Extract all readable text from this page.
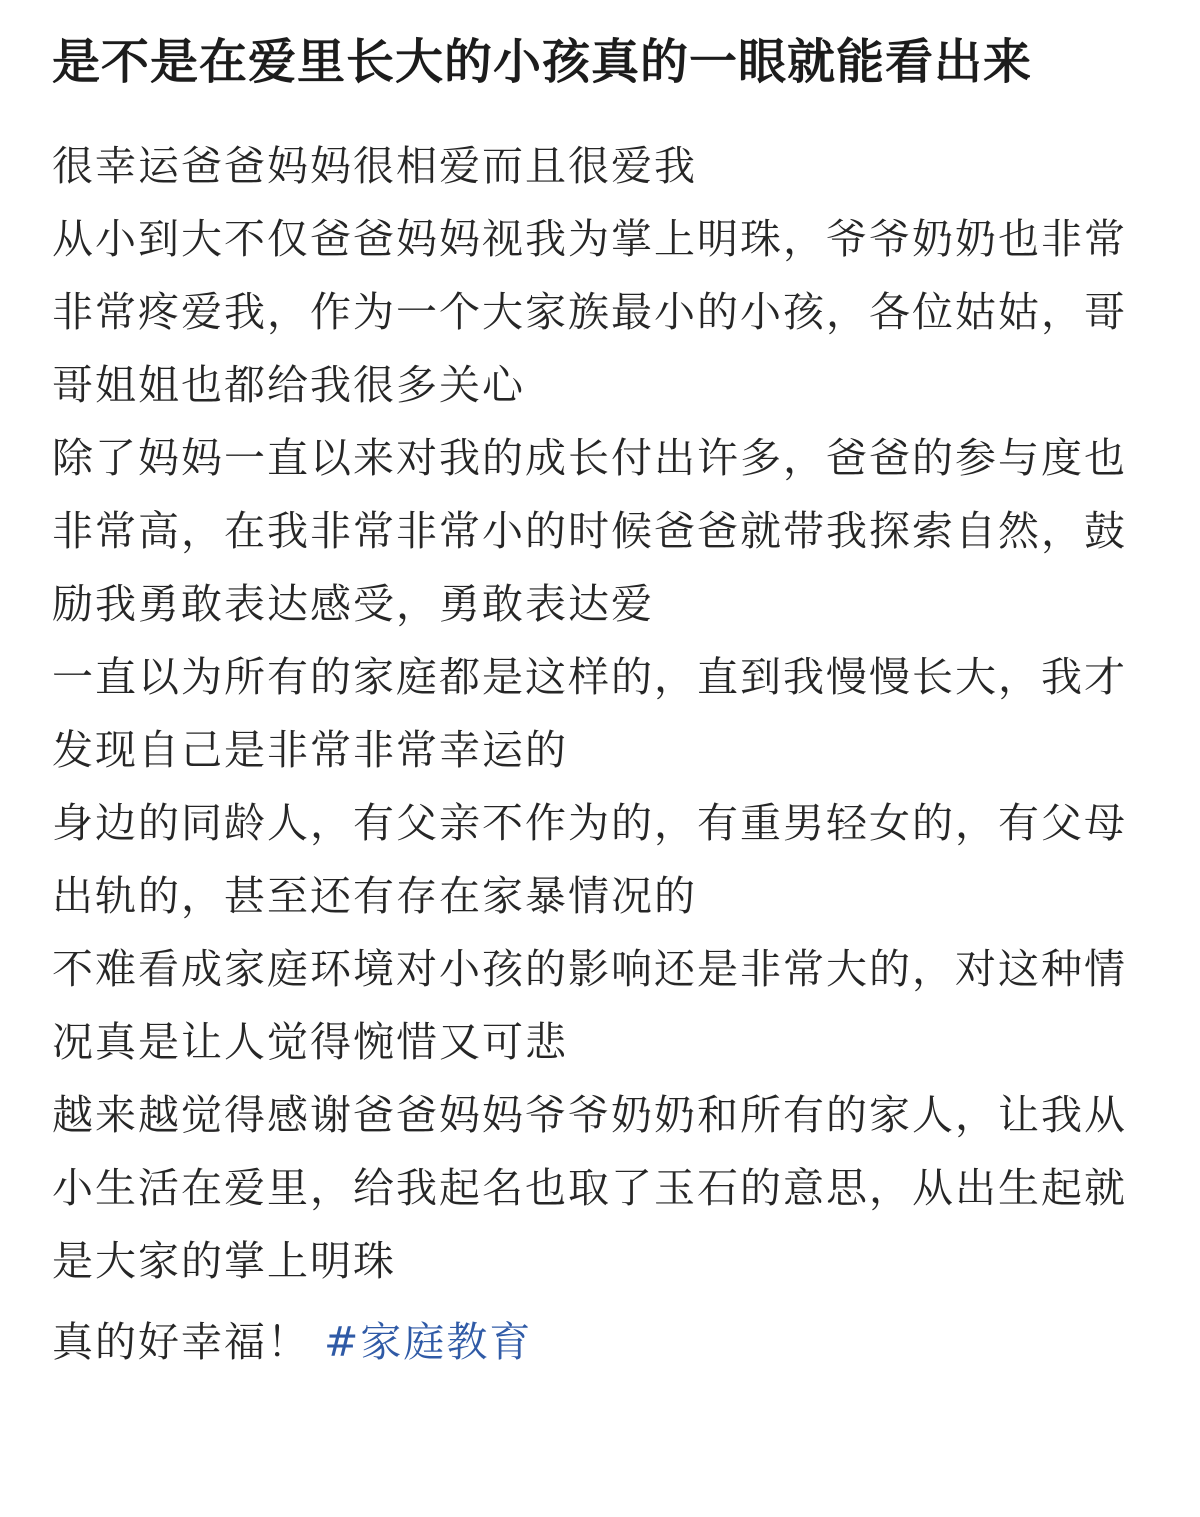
是不是在爱里长大的小孩真的一眼就能看出来

很幸运爸爸妈妈很相爱而且很爱我

从小到大不仅爸爸妈妈视我为掌上明珠，爷爷奶奶也非常非常疼爱我，作为一个大家族最小的小孩，各位姑姑，哥哥姐姐也都给我很多关心

除了妈妈一直以来对我的成长付出许多，爸爸的参与度也非常高，在我非常非常小的时候爸爸就带我探索自然，鼓励我勇敢表达感受，勇敢表达爱

一直以为所有的家庭都是这样的，直到我慢慢长大，我才发现自己是非常非常幸运的

身边的同龄人，有父亲不作为的，有重男轻女的，有父母出轨的，甚至还有存在家暴情况的

不难看成家庭环境对小孩的影响还是非常大的，对这种情况真是让人觉得惋惜又可悲

越来越觉得感谢爸爸妈妈爷爷奶奶和所有的家人，让我从小生活在爱里，给我起名也取了玉石的意思，从出生起就是大家的掌上明珠

真的好幸福！ #家庭教育
